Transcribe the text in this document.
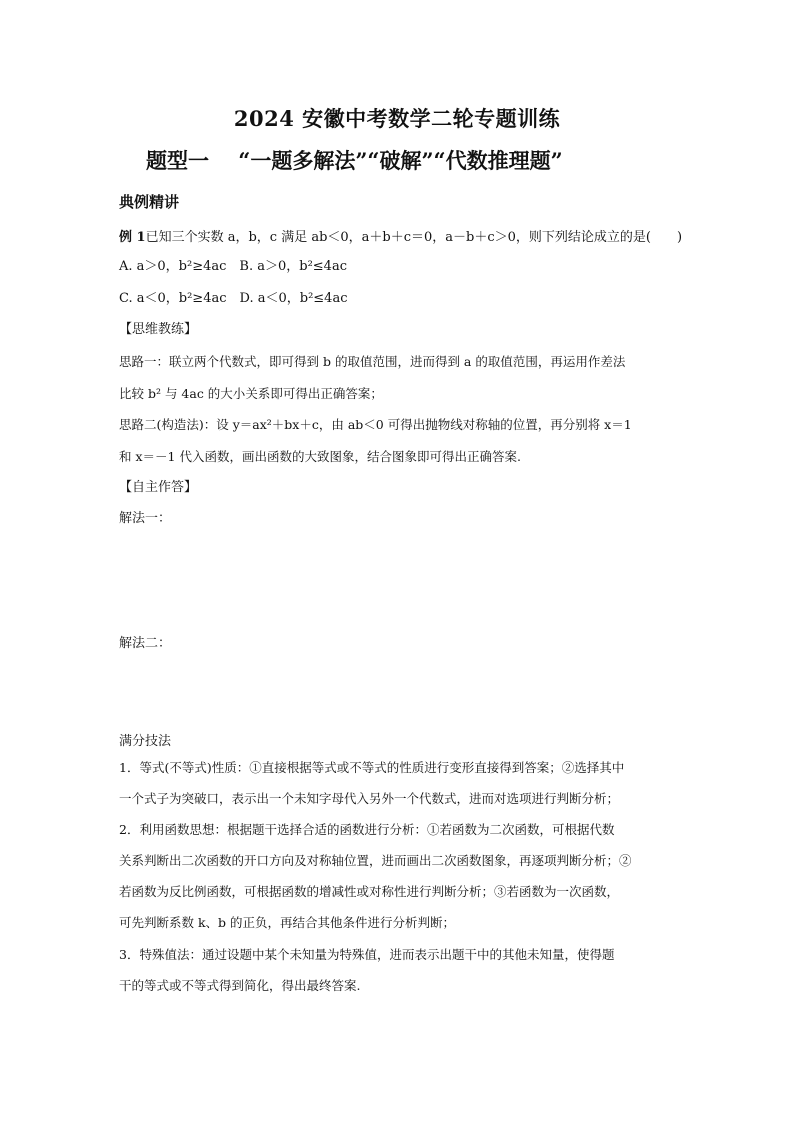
2024 安徽中考数学二轮专题训练
题型一    “一题多解法”“破解”“代数推理题”
典例精讲
例 1已知三个实数 a，b，c 满足 ab＜0，a＋b＋c＝0，a－b＋c＞0，则下列结论成立的是(　　)
A. a＞0，b²≥4ac　B. a＞0，b²≤4ac
C. a＜0，b²≥4ac　D. a＜0，b²≤4ac
【思维教练】
思路一：联立两个代数式，即可得到 b 的取值范围，进而得到 a 的取值范围，再运用作差法
比较 b² 与 4ac 的大小关系即可得出正确答案；
思路二(构造法)：设 y＝ax²＋bx＋c，由 ab＜0 可得出抛物线对称轴的位置，再分别将 x＝1
和 x＝－1 代入函数，画出函数的大致图象，结合图象即可得出正确答案.
【自主作答】
解法一：
解法二：
满分技法
1．等式(不等式)性质：①直接根据等式或不等式的性质进行变形直接得到答案；②选择其中
一个式子为突破口，表示出一个未知字母代入另外一个代数式，进而对选项进行判断分析；
2．利用函数思想：根据题干选择合适的函数进行分析：①若函数为二次函数，可根据代数
关系判断出二次函数的开口方向及对称轴位置，进而画出二次函数图象，再逐项判断分析；②
若函数为反比例函数，可根据函数的增减性或对称性进行判断分析；③若函数为一次函数，
可先判断系数 k、b 的正负，再结合其他条件进行分析判断；
3．特殊值法：通过设题中某个未知量为特殊值，进而表示出题干中的其他未知量，使得题
干的等式或不等式得到简化，得出最终答案.
